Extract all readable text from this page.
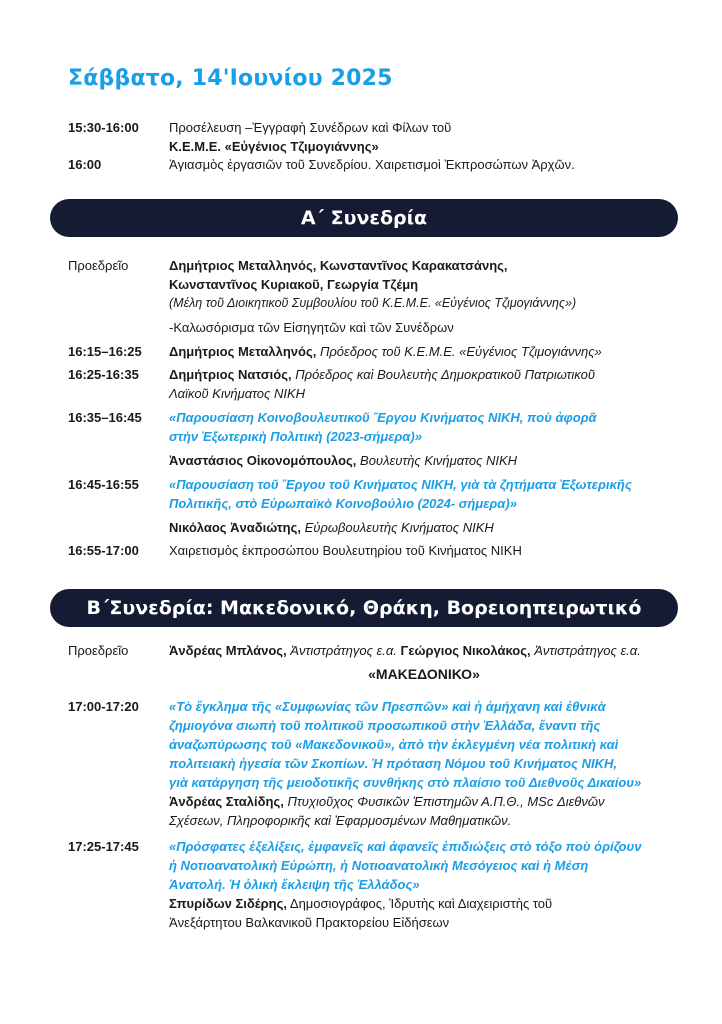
Σάββατο, 14'Ιουνίου 2025
15:30-16:00	Προσέλευση –Ἐγγραφὴ Συνέδρων καὶ Φίλων τοῦ
Κ.Ε.Μ.Ε. «Εὐγένιος Τζιμογιάννης»
16:00	Ἁγιασμὸς ἐργασιῶν τοῦ Συνεδρίου. Χαιρετισμοὶ Ἐκπροσώπων Ἀρχῶν.
Α΄ Συνεδρία
Προεδρεῖο	Δημήτριος Μεταλληνός, Κωνσταντῖνος Καρακατσάνης,
Κωνσταντῖνος Κυριακοῦ, Γεωργία Τζέμη
(Μέλη τοῦ Διοικητικοῦ Συμβουλίου τοῦ Κ.Ε.Μ.Ε. «Εὐγένιος Τζιμογιάννης»)
-Καλωσόρισμα τῶν Εἰσηγητῶν καὶ τῶν Συνέδρων
16:15–16:25	Δημήτριος Μεταλληνός, Πρόεδρος τοῦ Κ.Ε.Μ.Ε. «Εὐγένιος Τζιμογιάννης»
16:25-16:35	Δημήτριος Νατσιός, Πρόεδρος καὶ Βουλευτὴς Δημοκρατικοῦ Πατριωτικοῦ
Λαϊκοῦ Κινήματος ΝΙΚΗ
16:35–16:45	«Παρουσίαση Κοινοβουλευτικοῦ Ἔργου Κινήματος ΝΙΚΗ, ποὺ ἀφορᾶ
στὴν Ἐξωτερικὴ Πολιτικὴ (2023-σήμερα)»
Ἀναστάσιος Οἰκονομόπουλος, Βουλευτὴς Κινήματος ΝΙΚΗ
16:45-16:55	«Παρουσίαση τοῦ Ἔργου τοῦ Κινήματος ΝΙΚΗ, γιὰ τὰ ζητήματα Ἐξωτερικῆς
Πολιτικῆς, στὸ Εὐρωπαϊκὸ Κοινοβούλιο (2024- σήμερα)»
Νικόλαος Ἀναδιώτης, Εὐρωβουλευτὴς Κινήματος ΝΙΚΗ
16:55-17:00	Χαιρετισμὸς ἐκπροσώπου Βουλευτηρίου τοῦ Κινήματος ΝΙΚΗ
Β΄Συνεδρία: Μακεδονικό, Θράκη, Βορειοηπειρωτικό
Προεδρεῖο	Ἀνδρέας Μπλάνος, Ἀντιστράτηγος ε.α. Γεώργιος Νικολάκος, Ἀντιστράτηγος ε.α.
«ΜΑΚΕΔΟΝΙΚΟ»
17:00-17:20	«Τὸ ἔγκλημα τῆς «Συμφωνίας τῶν Πρεσπῶν» καὶ ἡ ἀμήχανη καὶ ἐθνικὰ
ζημιογόνα σιωπὴ τοῦ πολιτικοῦ προσωπικοῦ στὴν Ἑλλάδα, ἔναντι τῆς
ἀναζωπύρωσης τοῦ «Μακεδονικοῦ», ἀπὸ τὴν ἐκλεγμένη νέα πολιτικὴ καὶ
πολιτειακὴ ἡγεσία τῶν Σκοπίων. Ἡ πρόταση Νόμου τοῦ Κινήματος ΝΙΚΗ,
γιὰ κατάργηση τῆς μειοδοτικῆς συνθήκης στὸ πλαίσιο τοῦ Διεθνοῦς Δικαίου»
Ἀνδρέας Σταλίδης, Πτυχιοῦχος Φυσικῶν Ἐπιστημῶν Α.Π.Θ., MSc Διεθνῶν
Σχέσεων, Πληροφορικῆς καὶ Ἐφαρμοσμένων Μαθηματικῶν.
17:25-17:45	«Πρόσφατες ἐξελίξεις, ἐμφανεῖς καὶ ἀφανεῖς ἐπιδιώξεις στὸ τόξο ποὺ ὁρίζουν
ἡ Νοτιοανατολικὴ Εὐρώπη, ἡ Νοτιοανατολικὴ Μεσόγειος καὶ ἡ Μέση
Ἀνατολή. Ἡ ὁλικὴ ἔκλειψη τῆς Ἑλλάδος»
Σπυρίδων Σιδέρης, Δημοσιογράφος, Ἱδρυτὴς καὶ Διαχειριστὴς τοῦ
Ἀνεξάρτητου Βαλκανικοῦ Πρακτορείου Εἰδήσεων
